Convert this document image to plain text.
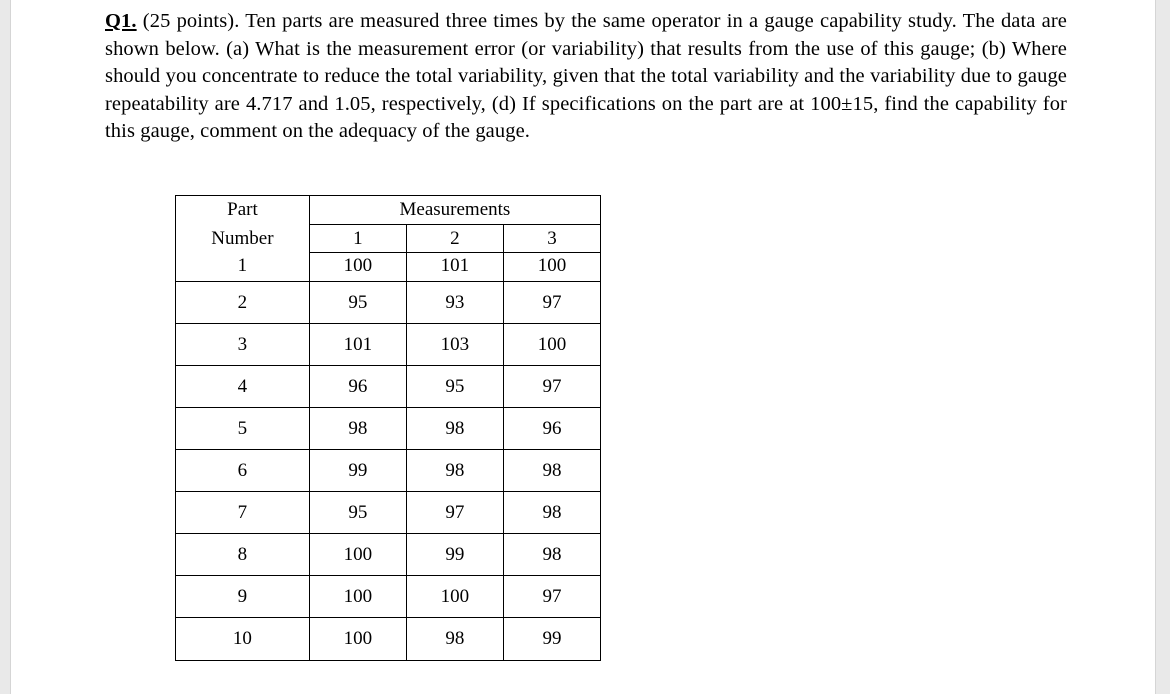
Q1. (25 points). Ten parts are measured three times by the same operator in a gauge capability study. The data are shown below. (a) What is the measurement error (or variability) that results from the use of this gauge; (b) Where should you concentrate to reduce the total variability, given that the total variability and the variability due to gauge repeatability are 4.717 and 1.05, respectively, (d) If specifications on the part are at 100±15, find the capability for this gauge, comment on the adequacy of the gauge.

Part	Measurements		
Number	1	2	3
1	100	101	100
2	95	93	97
3	101	103	100
4	96	95	97
5	98	98	96
6	99	98	98
7	95	97	98
8	100	99	98
9	100	100	97
10	100	98	99
